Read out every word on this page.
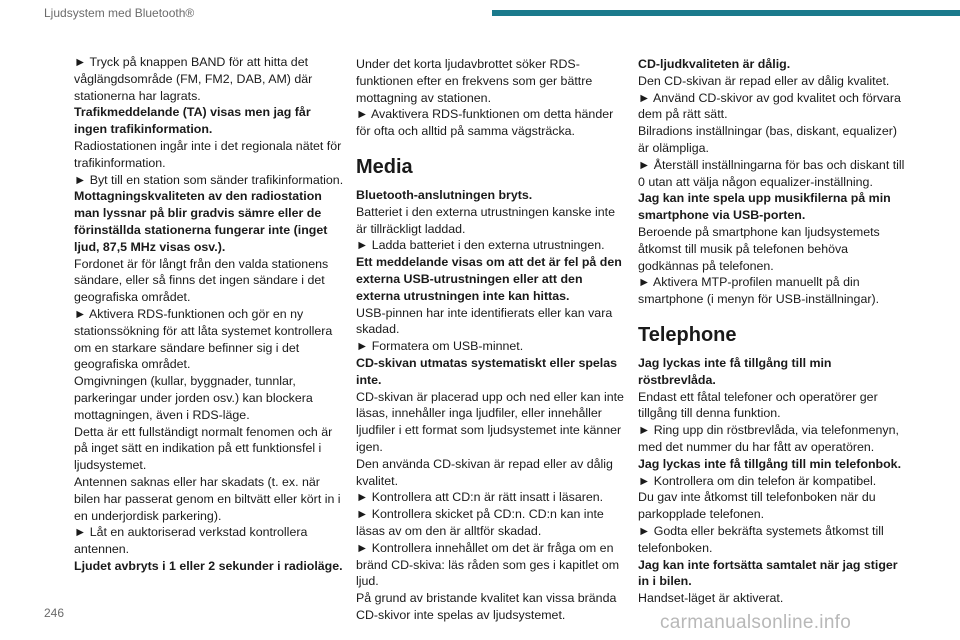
Ljudsystem med Bluetooth®

► Tryck på knappen BAND för att hitta det våglängdsområde (FM, FM2, DAB, AM) där stationerna har lagrats.

Trafikmeddelande (TA) visas men jag får ingen trafikinformation.

Radiostationen ingår inte i det regionala nätet för trafikinformation.

► Byt till en station som sänder trafikinformation.

Mottagningskvaliteten av den radiostation man lyssnar på blir gradvis sämre eller de förinställda stationerna fungerar inte (inget ljud, 87,5 MHz visas osv.).

Fordonet är för långt från den valda stationens sändare, eller så finns det ingen sändare i det geografiska området.

► Aktivera RDS-funktionen och gör en ny stationssökning för att låta systemet kontrollera om en starkare sändare befinner sig i det geografiska området.

Omgivningen (kullar, byggnader, tunnlar, parkeringar under jorden osv.) kan blockera mottagningen, även i RDS-läge.

Detta är ett fullständigt normalt fenomen och är på inget sätt en indikation på ett funktionsfel i ljudsystemet.

Antennen saknas eller har skadats (t. ex. när bilen har passerat genom en biltvätt eller kört in i en underjordisk parkering).

► Låt en auktoriserad verkstad kontrollera antennen.

Ljudet avbryts i 1 eller 2 sekunder i radioläge.

Under det korta ljudavbrottet söker RDS-funktionen efter en frekvens som ger bättre mottagning av stationen.

► Avaktivera RDS-funktionen om detta händer för ofta och alltid på samma vägsträcka.

Media

Bluetooth-anslutningen bryts.

Batteriet i den externa utrustningen kanske inte är tillräckligt laddad.

► Ladda batteriet i den externa utrustningen.

Ett meddelande visas om att det är fel på den externa USB-utrustningen eller att den externa utrustningen inte kan hittas.

USB-pinnen har inte identifierats eller kan vara skadad.

► Formatera om USB-minnet.

CD-skivan utmatas systematiskt eller spelas inte.

CD-skivan är placerad upp och ned eller kan inte läsas, innehåller inga ljudfiler, eller innehåller ljudfiler i ett format som ljudsystemet inte känner igen.

Den använda CD-skivan är repad eller av dålig kvalitet.

► Kontrollera att CD:n är rätt insatt i läsaren.

► Kontrollera skicket på CD:n. CD:n kan inte läsas av om den är alltför skadad.

► Kontrollera innehållet om det är fråga om en bränd CD-skiva: läs råden som ges i kapitlet om ljud.

På grund av bristande kvalitet kan vissa brända CD-skivor inte spelas av ljudsystemet.

CD-ljudkvaliteten är dålig.

Den CD-skivan är repad eller av dålig kvalitet.

► Använd CD-skivor av god kvalitet och förvara dem på rätt sätt.

Bilradions inställningar (bas, diskant, equalizer) är olämpliga.

► Återställ inställningarna för bas och diskant till 0 utan att välja någon equalizer-inställning.

Jag kan inte spela upp musikfilerna på min smartphone via USB-porten.

Beroende på smartphone kan ljudsystemets åtkomst till musik på telefonen behöva godkännas på telefonen.

► Aktivera MTP-profilen manuellt på din smartphone (i menyn för USB-inställningar).

Telephone

Jag lyckas inte få tillgång till min röstbrevlåda.

Endast ett fåtal telefoner och operatörer ger tillgång till denna funktion.

► Ring upp din röstbrevlåda, via telefonmenyn, med det nummer du har fått av operatören.

Jag lyckas inte få tillgång till min telefonbok.

► Kontrollera om din telefon är kompatibel.

Du gav inte åtkomst till telefonboken när du parkopplade telefonen.

► Godta eller bekräfta systemets åtkomst till telefonboken.

Jag kan inte fortsätta samtalet när jag stiger in i bilen.

Handset-läget är aktiverat.

246	carmanualsonline.info
